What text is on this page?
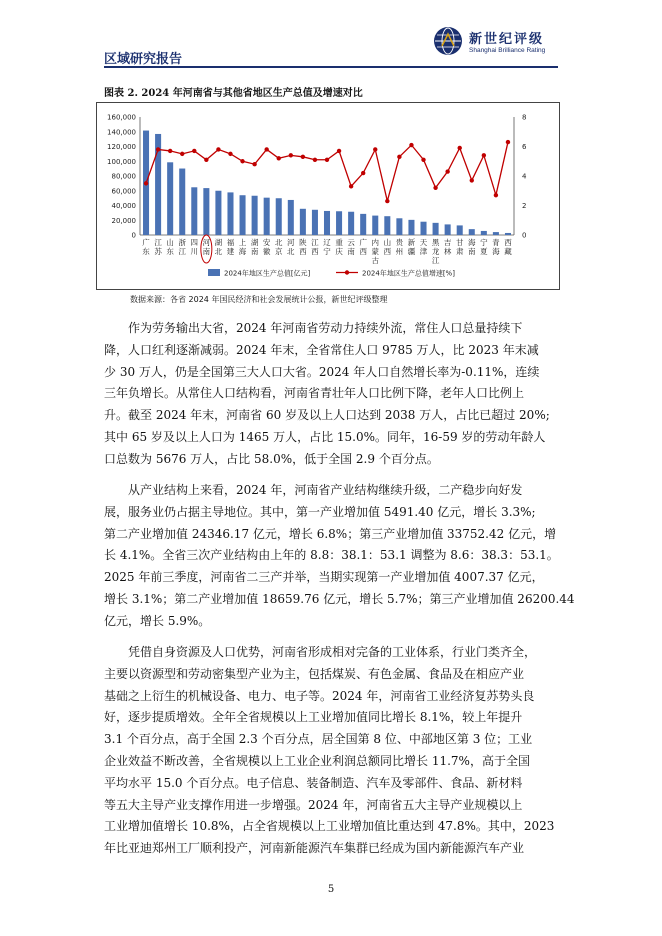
区域研究报告
新世纪评级
Shanghai Brilliance Rating
图表 2. 2024 年河南省与其他省地区生产总值及增速对比
0
20,000
40,000
60,000
80,000
100,000
120,000
140,000
160,000
0
2
4
6
8
广
东
江
苏
山
东
浙
江
四
川
河
南
湖
北
福
建
上
海
湖
南
安
徽
北
京
河
北
陕
西
江
西
辽
宁
重
庆
云
南
广
西
内
蒙
古
山
西
贵
州
新
疆
天
津
黑
龙
江
吉
林
甘
肃
海
南
宁
夏
青
海
西
藏
2024年地区生产总值[亿元]	2024年地区生产总值增速[%]
数据来源：各省 2024 年国民经济和社会发展统计公报，新世纪评级整理
作为劳务输出大省，2024 年河南省劳动力持续外流，常住人口总量持续下
降，人口红利逐渐减弱。2024 年末，全省常住人口 9785 万人，比 2023 年末减
少 30 万人，仍是全国第三大人口大省。2024 年人口自然增长率为-0.11%，连续
三年负增长。从常住人口结构看，河南省青壮年人口比例下降，老年人口比例上
升。截至 2024 年末，河南省 60 岁及以上人口达到 2038 万人，占比已超过 20%;
其中 65 岁及以上人口为 1465 万人，占比 15.0%。同年，16-59 岁的劳动年龄人
口总数为 5676 万人，占比 58.0%，低于全国 2.9 个百分点。
从产业结构上来看，2024 年，河南省产业结构继续升级，二产稳步向好发
展，服务业仍占据主导地位。其中，第一产业增加值 5491.40 亿元，增长 3.3%;
第二产业增加值 24346.17 亿元，增长 6.8%；第三产业增加值 33752.42 亿元，增
长 4.1%。全省三次产业结构由上年的 8.8：38.1：53.1 调整为 8.6：38.3：53.1。
2025 年前三季度，河南省二三产并举，当期实现第一产业增加值 4007.37 亿元，
增长 3.1%；第二产业增加值 18659.76 亿元，增长 5.7%；第三产业增加值 26200.44
亿元，增长 5.9%。
凭借自身资源及人口优势，河南省形成相对完备的工业体系，行业门类齐全，
主要以资源型和劳动密集型产业为主，包括煤炭、有色金属、食品及在相应产业
基础之上衍生的机械设备、电力、电子等。2024 年，河南省工业经济复苏势头良
好，逐步提质增效。全年全省规模以上工业增加值同比增长 8.1%，较上年提升
3.1 个百分点，高于全国 2.3 个百分点，居全国第 8 位、中部地区第 3 位；工业
企业效益不断改善，全省规模以上工业企业利润总额同比增长 11.7%，高于全国
平均水平 15.0 个百分点。电子信息、装备制造、汽车及零部件、食品、新材料
等五大主导产业支撑作用进一步增强。2024 年，河南省五大主导产业规模以上
工业增加值增长 10.8%，占全省规模以上工业增加值比重达到 47.8%。其中，2023
年比亚迪郑州工厂顺利投产，河南新能源汽车集群已经成为国内新能源汽车产业
5
